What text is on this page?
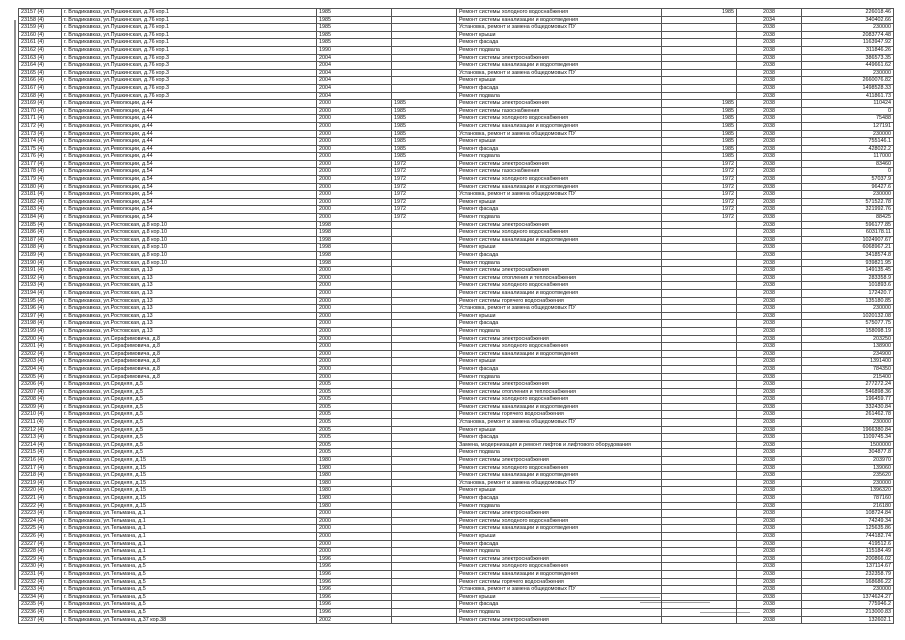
23157 (4)	г. Владикавказ, ул.Пушкинская, д.76 кор.1	1985		Ремонт системы холодного водоснабжения	1985	2038	226018.46
23158 (4)	г. Владикавказ, ул.Пушкинская, д.76 кор.1	1985		Ремонт системы канализации и водоотведения		2034	340402.66
23159 (4)	г. Владикавказ, ул.Пушкинская, д.76 кор.1	1985		Установка, ремонт и замена общедомовых ПУ		2038	230000
23160 (4)	г. Владикавказ, ул.Пушкинская, д.76 кор.1	1985		Ремонт крыши		2038	2083774.48
23161 (4)	г. Владикавказ, ул.Пушкинская, д.76 кор.1	1985		Ремонт фасада		2038	1163947.92
23162 (4)	г. Владикавказ, ул.Пушкинская, д.76 кор.1	1990		Ремонт подвала		2038	311846.26
23163 (4)	г. Владикавказ, ул.Пушкинская, д.76 кор.3	2004		Ремонт системы электроснабжения		2038	386573.35
23164 (4)	г. Владикавказ, ул.Пушкинская, д.76 кор.3	2004		Ремонт системы канализации и водоотведения		2038	449661.62
23165 (4)	г. Владикавказ, ул.Пушкинская, д.76 кор.3	2004		Установка, ремонт и замена общедомовых ПУ		2038	230000
23166 (4)	г. Владикавказ, ул.Пушкинская, д.76 кор.3	2004		Ремонт крыши		2038	2660076.82
23167 (4)	г. Владикавказ, ул.Пушкинская, д.76 кор.3	2004		Ремонт фасада		2038	1498528.33
23168 (4)	г. Владикавказ, ул.Пушкинская, д.76 кор.3	2004		Ремонт подвала		2038	411861.73
23169 (4)	г. Владикавказ, ул.Революции, д.44	2000	1985	Ремонт системы электроснабжения	1985	2038	110424
23170 (4)	г. Владикавказ, ул.Революции, д.44	2000	1985	Ремонт системы газоснабжения	1985	2038	0
23171 (4)	г. Владикавказ, ул.Революции, д.44	2000	1985	Ремонт системы холодного водоснабжения	1985	2038	75488
23172 (4)	г. Владикавказ, ул.Революции, д.44	2000	1985	Ремонт системы канализации и водоотведения	1985	2038	127191
23173 (4)	г. Владикавказ, ул.Революции, д.44	2000	1985	Установка, ремонт и замена общедомовых ПУ	1985	2038	230000
23174 (4)	г. Владикавказ, ул.Революции, д.44	2000	1985	Ремонт крыши	1985	2038	755146.1
23175 (4)	г. Владикавказ, ул.Революции, д.44	2000	1985	Ремонт фасада	1985	2038	428022.2
23176 (4)	г. Владикавказ, ул.Революции, д.44	2000	1985	Ремонт подвала	1985	2038	117000
23177 (4)	г. Владикавказ, ул.Революции, д.54	2000	1972	Ремонт системы электроснабжения	1972	2038	83460
23178 (4)	г. Владикавказ, ул.Революции, д.54	2000	1972	Ремонт системы газоснабжения	1972	2038	0
23179 (4)	г. Владикавказ, ул.Революции, д.54	2000	1972	Ремонт системы холодного водоснабжения	1972	2038	57037.9
23180 (4)	г. Владикавказ, ул.Революции, д.54	2000	1972	Ремонт системы канализации и водоотведения	1972	2038	96427.6
23181 (4)	г. Владикавказ, ул.Революции, д.54	2000	1972	Установка, ремонт и замена общедомовых ПУ	1972	2038	230000
23182 (4)	г. Владикавказ, ул.Революции, д.54	2000	1972	Ремонт крыши	1972	2038	571522.78
23183 (4)	г. Владикавказ, ул.Революции, д.54	2000	1972	Ремонт фасада	1972	2038	321992.76
23184 (4)	г. Владикавказ, ул.Революции, д.54	2000	1972	Ремонт подвала	1972	2038	88425
23185 (4)	г. Владикавказ, ул.Ростовская, д.8 кор.10	1998		Ремонт системы электроснабжения		2038	596177.85
23186 (4)	г. Владикавказ, ул.Ростовская, д.8 кор.10	1998		Ремонт системы холодного водоснабжения		2038	603178.11
23187 (4)	г. Владикавказ, ул.Ростовская, д.8 кор.10	1998		Ремонт системы канализации и водоотведения		2038	1024907.67
23188 (4)	г. Владикавказ, ул.Ростовская, д.8 кор.10	1998		Ремонт крыши		2038	6068967.21
23189 (4)	г. Владикавказ, ул.Ростовская, д.8 кор.10	1998		Ремонт фасада		2038	3418574.8
23190 (4)	г. Владикавказ, ул.Ростовская, д.8 кор.10	1998		Ремонт подвала		2038	939821.95
23191 (4)	г. Владикавказ, ул.Ростовская, д.13	2000		Ремонт системы электроснабжения		2038	149135.45
23192 (4)	г. Владикавказ, ул.Ростовская, д.13	2000		Ремонт системы отопления и теплоснабжения		2038	283358.9
23193 (4)	г. Владикавказ, ул.Ростовская, д.13	2000		Ремонт системы холодного водоснабжения		2038	101893.6
23194 (4)	г. Владикавказ, ул.Ростовская, д.13	2000		Ремонт системы канализации и водоотведения		2038	172420.7
23195 (4)	г. Владикавказ, ул.Ростовская, д.13	2000		Ремонт системы горячего водоснабжения		2038	135180.85
23196 (4)	г. Владикавказ, ул.Ростовская, д.13	2000		Установка, ремонт и замена общедомовых ПУ		2038	230000
23197 (4)	г. Владикавказ, ул.Ростовская, д.13	2000		Ремонт крыши		2038	1020132.08
23198 (4)	г. Владикавказ, ул.Ростовская, д.13	2000		Ремонт фасада		2038	575077.75
23199 (4)	г. Владикавказ, ул.Ростовская, д.13	2000		Ремонт подвала		2038	158098.19
23200 (4)	г. Владикавказ, ул.Серафимовича, д.8	2000		Ремонт системы электроснабжения		2038	203250
23201 (4)	г. Владикавказ, ул.Серафимовича, д.8	2000		Ремонт системы холодного водоснабжения		2038	138900
23202 (4)	г. Владикавказ, ул.Серафимовича, д.8	2000		Ремонт системы канализации и водоотведения		2038	234900
23203 (4)	г. Владикавказ, ул.Серафимовича, д.8	2000		Ремонт крыши		2038	1391400
23204 (4)	г. Владикавказ, ул.Серафимовича, д.8	2000		Ремонт фасада		2038	784350
23205 (4)	г. Владикавказ, ул.Серафимовича, д.8	2000		Ремонт подвала		2038	215400
23206 (4)	г. Владикавказ, ул.Средняя, д.5	2005		Ремонт системы электроснабжения		2038	277272.24
23207 (4)	г. Владикавказ, ул.Средняя, д.5	2005		Ремонт системы отопления и теплоснабжения		2038	546898.36
23208 (4)	г. Владикавказ, ул.Средняя, д.5	2005		Ремонт системы холодного водоснабжения		2038	196459.77
23209 (4)	г. Владикавказ, ул.Средняя, д.5	2005		Ремонт системы канализации и водоотведения		2038	332430.84
23210 (4)	г. Владикавказ, ул.Средняя, д.5	2005		Ремонт системы горячего водоснабжения		2038	261462.78
23211 (4)	г. Владикавказ, ул.Средняя, д.5	2005		Установка, ремонт и замена общедомовых ПУ		2038	230000
23212 (4)	г. Владикавказ, ул.Средняя, д.5	2005		Ремонт крыши		2038	1966380.84
23213 (4)	г. Владикавказ, ул.Средняя, д.5	2005		Ремонт фасада		2038	1109745.34
23214 (4)	г. Владикавказ, ул.Средняя, д.5	2005		Замена, модернизация и ремонт лифтов и лифтового оборудования		2038	1500000
23215 (4)	г. Владикавказ, ул.Средняя, д.5	2005		Ремонт подвала		2038	304877.8
23216 (4)	г. Владикавказ, ул.Средняя, д.15	1980		Ремонт системы электроснабжения		2038	203970
23217 (4)	г. Владикавказ, ул.Средняя, д.15	1980		Ремонт системы холодного водоснабжения		2038	139060
23218 (4)	г. Владикавказ, ул.Средняя, д.15	1980		Ремонт системы канализации и водоотведения		2038	235620
23219 (4)	г. Владикавказ, ул.Средняя, д.15	1980		Установка, ремонт и замена общедомовых ПУ		2038	230000
23220 (4)	г. Владикавказ, ул.Средняя, д.15	1980		Ремонт крыши		2038	1396320
23221 (4)	г. Владикавказ, ул.Средняя, д.15	1980		Ремонт фасада		2038	787160
23222 (4)	г. Владикавказ, ул.Средняя, д.15	1980		Ремонт подвала		2038	216180
23223 (4)	г. Владикавказ, ул.Тельмана, д.1	2000		Ремонт системы электроснабжения		2038	108724.84
23224 (4)	г. Владикавказ, ул.Тельмана, д.1	2000		Ремонт системы холодного водоснабжения		2038	74249.34
23225 (4)	г. Владикавказ, ул.Тельмана, д.1	2000		Ремонт системы канализации и водоотведения		2038	125635.86
23226 (4)	г. Владикавказ, ул.Тельмана, д.1	2000		Ремонт крыши		2038	744182.74
23227 (4)	г. Владикавказ, ул.Тельмана, д.1	2000		Ремонт фасада		2038	419512.6
23228 (4)	г. Владикавказ, ул.Тельмана, д.1	2000		Ремонт подвала		2038	115184.49
23229 (4)	г. Владикавказ, ул.Тельмана, д.5	1996		Ремонт системы электроснабжения		2038	200866.02
23230 (4)	г. Владикавказ, ул.Тельмана, д.5	1996		Ремонт системы холодного водоснабжения		2038	137114.67
23231 (4)	г. Владикавказ, ул.Тельмана, д.5	1996		Ремонт системы канализации и водоотведения		2038	232358.79
23232 (4)	г. Владикавказ, ул.Тельмана, д.5	1996		Ремонт системы горячего водоснабжения		2038	168686.22
23233 (4)	г. Владикавказ, ул.Тельмана, д.5	1996		Установка, ремонт и замена общедомовых ПУ		2038	230000
23234 (4)	г. Владикавказ, ул.Тельмана, д.5	1996		Ремонт крыши		2038	1374624.27
23235 (4)	г. Владикавказ, ул.Тельмана, д.5	1996		Ремонт фасада		2038	775946.2
23236 (4)	г. Владикавказ, ул.Тельмана, д.5	1996		Ремонт подвала		2038	213000.83
23237 (4)	г. Владикавказ, ул.Тельмана, д.37 кор.38	2002		Ремонт системы электроснабжения		2038	132602.1
